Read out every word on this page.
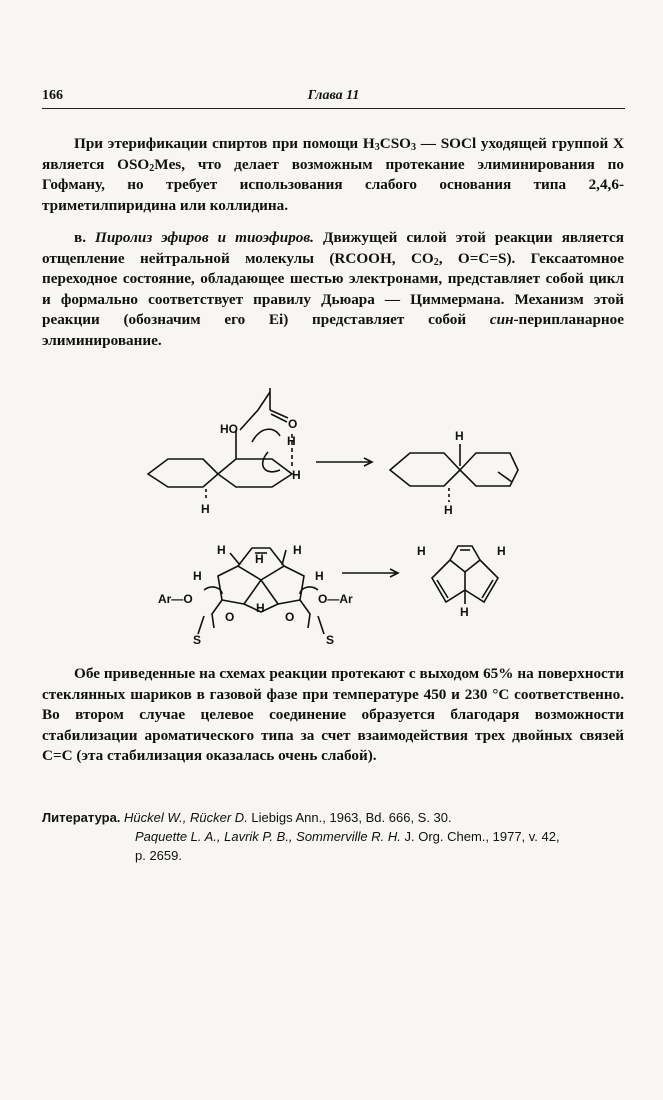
166	Глава 11
При этерификации спиртов при помощи $H_3CSO_3$ — SOCl уходящей группой X является $OSO_2Mes$, что делает возможным протекание элиминирования по Гофману, но требует использования слабого основания типа 2,4,6-триметилпиридина или коллидина.
в. Пиролиз эфиров и тиоэфиров. Движущей силой этой реакции является отщепление нейтральной молекулы (RCOOH, $CO_2$, O=C=S). Гексаатомное переходное состояние, обладающее шестью электронами, представляет собой цикл и формально соответствует правилу Дьюара — Циммермана. Механизм этой реакции (обозначим его Ei) представляет собой син-перипланарное элиминирование.
HO	O
H
H
H
H
H
H
H
H
H	H
H
Ar—O	O—Ar
O	O
S	S
H	H
H
Обе приведенные на схемах реакции протекают с выходом 65% на поверхности стеклянных шариков в газовой фазе при температуре 450 и 230 °C соответственно. Во втором случае целевое соединение образуется благодаря возможности стабилизации ароматического типа за счет взаимодействия трех двойных связей C=C (эта стабилизация оказалась очень слабой).
Литература. Hückel W., Rücker D. Liebigs Ann., 1963, Bd. 666, S. 30.
Paquette L. A., Lavrik P. B., Sommerville R. H. J. Org. Chem., 1977, v. 42,
p. 2659.
